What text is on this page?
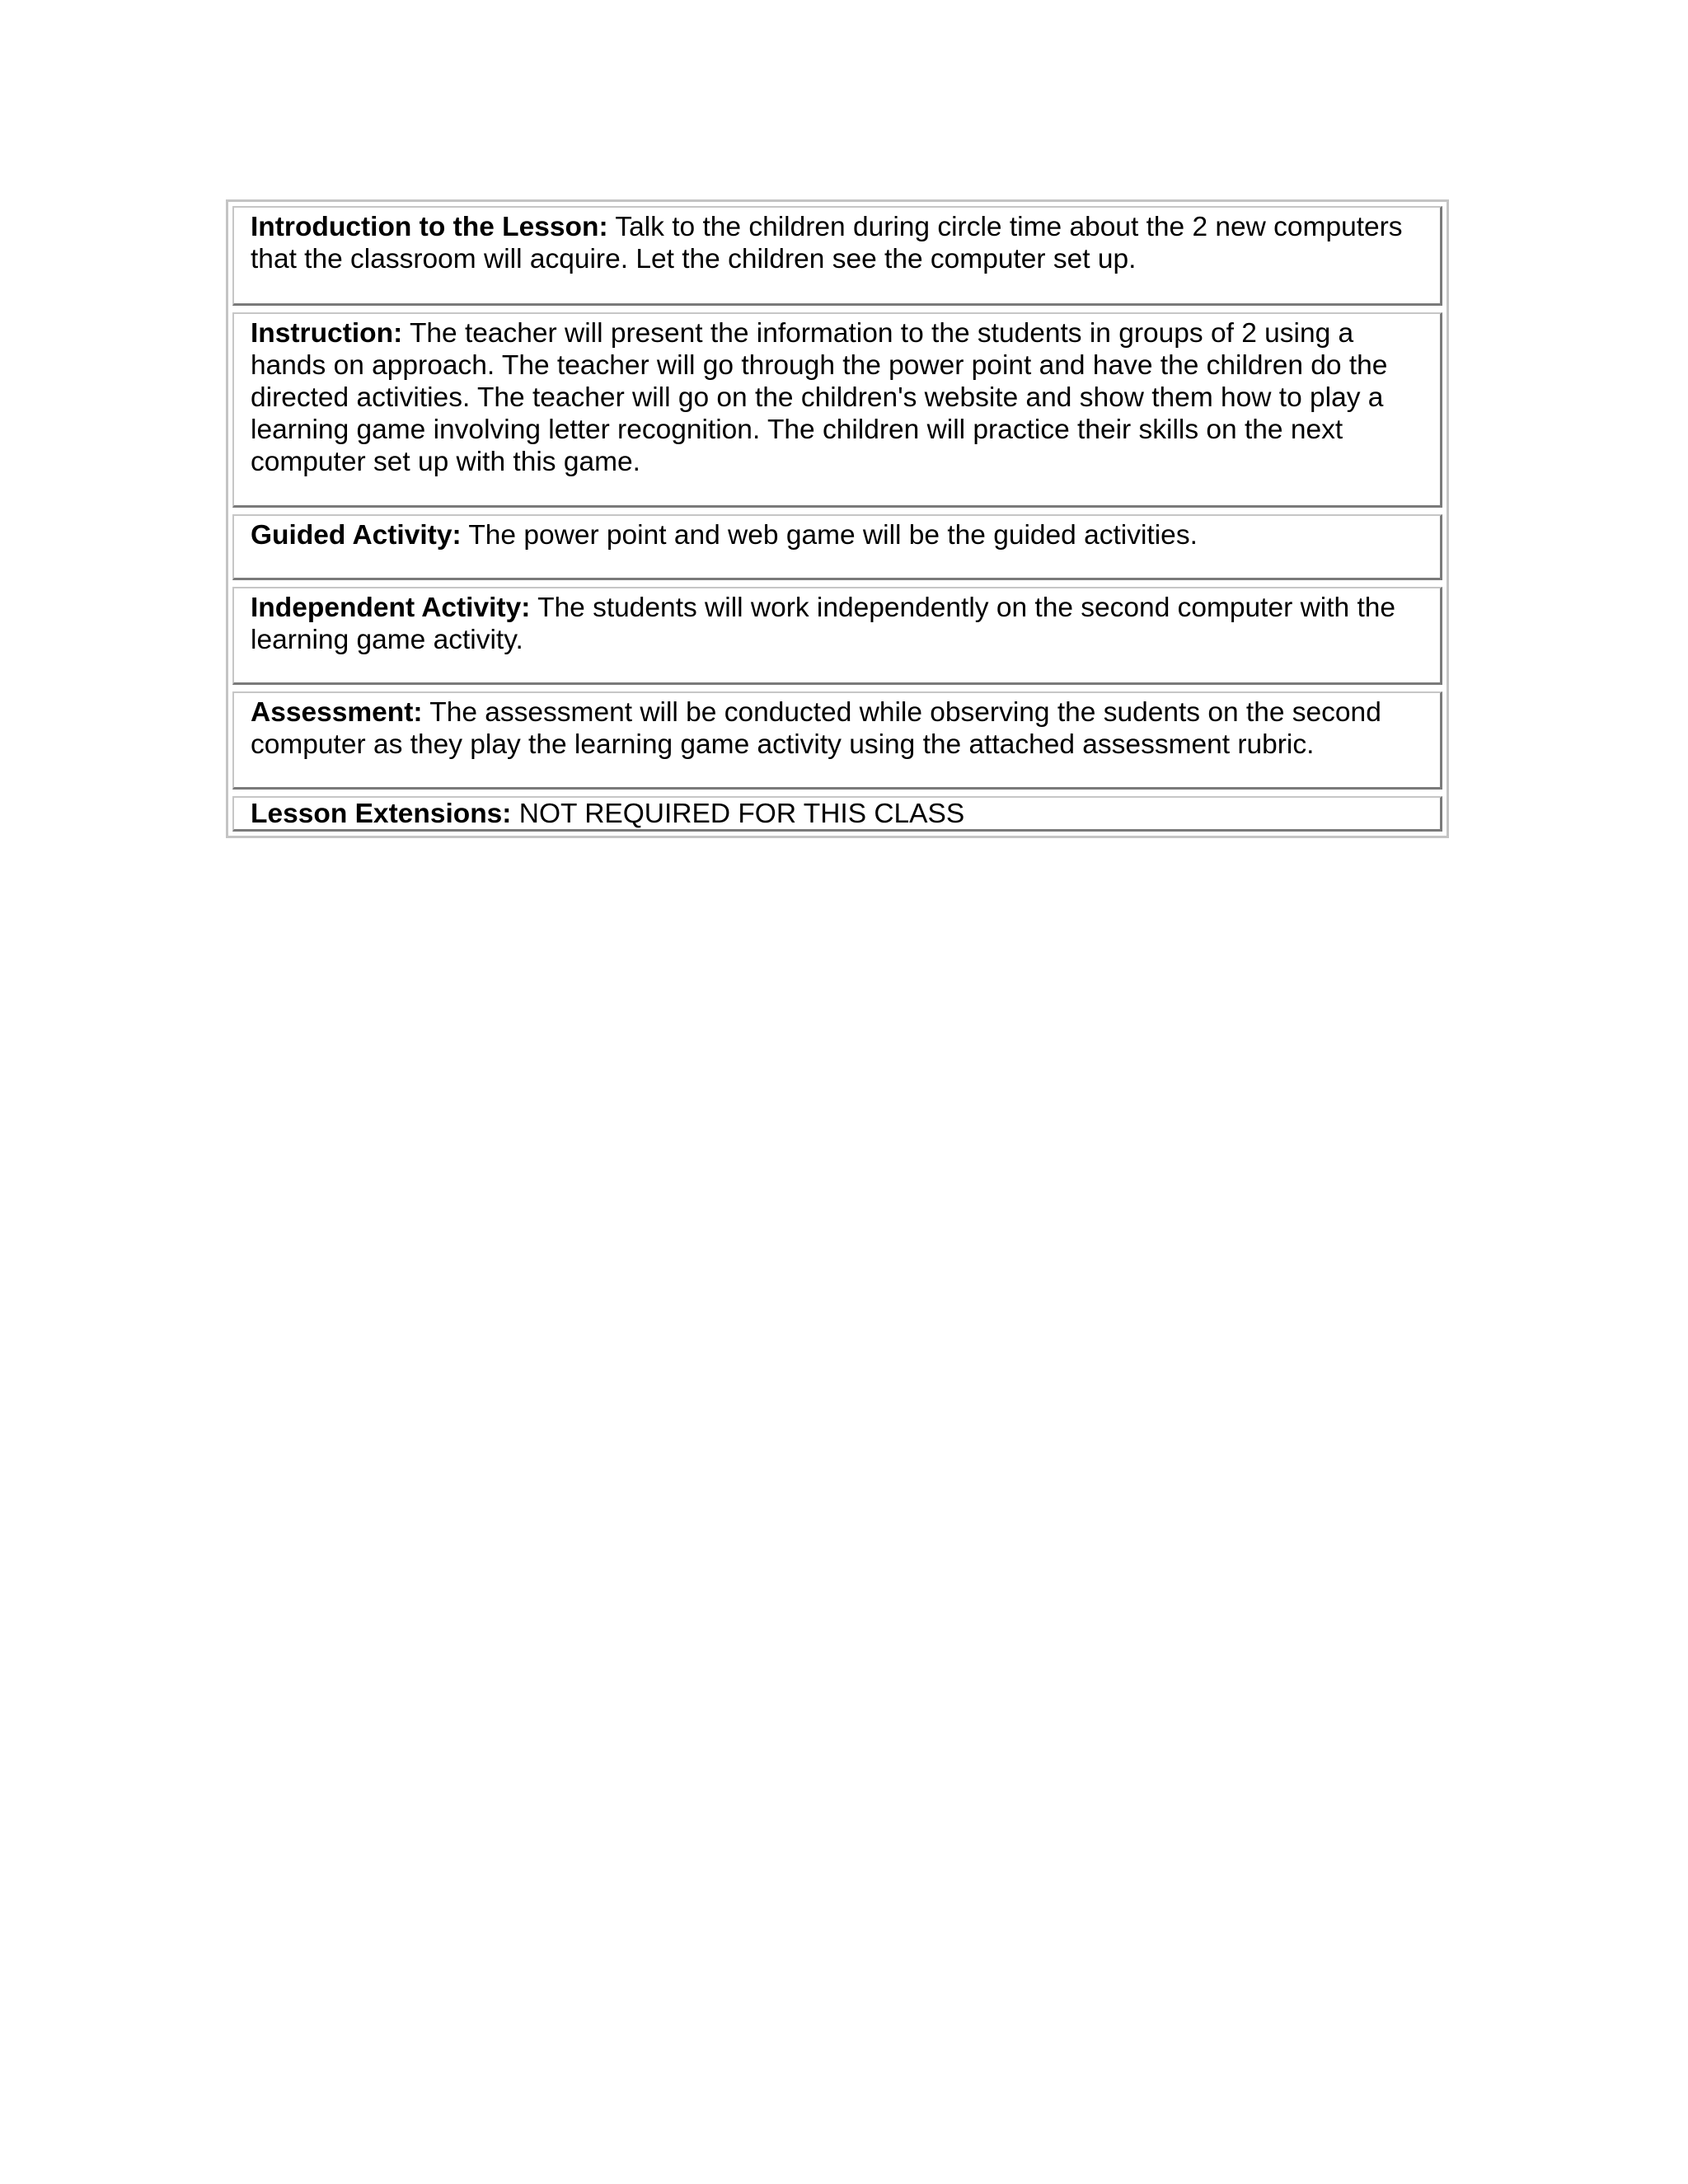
Introduction to the Lesson: Talk to the children during circle time about the 2 new computers that the classroom will acquire. Let the children see the computer set up.
Instruction: The teacher will present the information to the students in groups of 2 using a hands on approach. The teacher will go through the power point and have the children do the directed activities. The teacher will go on the children's website and show them how to play a learning game involving letter recognition. The children will practice their skills on the next computer set up with this game.
Guided Activity: The power point and web game will be the guided activities.
Independent Activity: The students will work independently on the second computer with the learning game activity.
Assessment: The assessment will be conducted while observing the sudents on the second computer as they play the learning game activity using the attached assessment rubric.
Lesson Extensions: NOT REQUIRED FOR THIS CLASS
